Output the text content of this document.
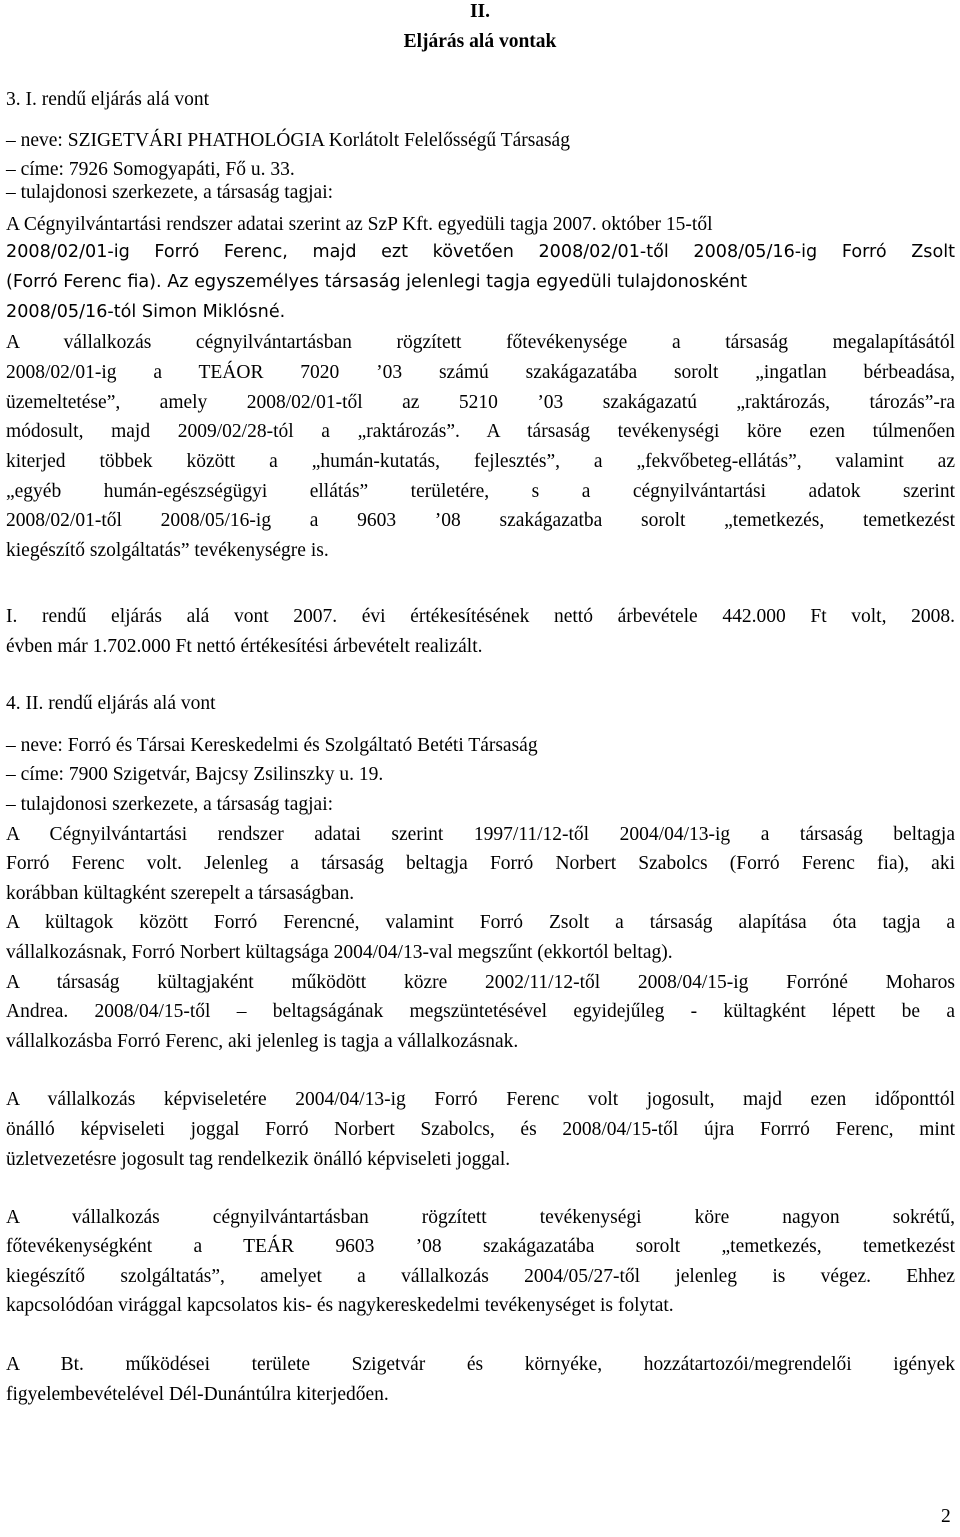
II.
Eljárás alá vontak
3. I. rendű eljárás alá vont
– neve: SZIGETVÁRI PHATHOLÓGIA Korlátolt Felelősségű Társaság
– címe: 7926 Somogyapáti, Fő u. 33.
– tulajdonosi szerkezete, a társaság tagjai:
A Cégnyilvántartási rendszer adatai szerint az SzP Kft. egyedüli tagja 2007. október 15-től
2008/02/01-ig Forró Ferenc, majd ezt követően 2008/02/01-től 2008/05/16-ig Forró Zsolt
(Forró Ferenc fia). Az egyszemélyes társaság jelenlegi tagja egyedüli tulajdonosként
2008/05/16-tól Simon Miklósné.
A vállalkozás cégnyilvántartásban rögzített főtevékenysége a társaság megalapításától
2008/02/01-ig a TEÁOR 7020 ’03 számú szakágazatába sorolt „ingatlan bérbeadása,
üzemeltetése”, amely 2008/02/01-től az 5210 ’03 szakágazatú „raktározás, tározás”-ra
módosult, majd 2009/02/28-tól a „raktározás”. A társaság tevékenységi köre ezen túlmenően
kiterjed többek között a „humán-kutatás, fejlesztés”, a „fekvőbeteg-ellátás”, valamint az
„egyéb humán-egészségügyi ellátás” területére, s a cégnyilvántartási adatok szerint
2008/02/01-től 2008/05/16-ig a 9603 ’08 szakágazatba sorolt „temetkezés, temetkezést
kiegészítő szolgáltatás” tevékenységre is.
I. rendű eljárás alá vont 2007. évi értékesítésének nettó árbevétele 442.000 Ft volt, 2008.
évben már 1.702.000 Ft nettó értékesítési árbevételt realizált.
4. II. rendű eljárás alá vont
– neve: Forró és Társai Kereskedelmi és Szolgáltató Betéti Társaság
– címe: 7900 Szigetvár, Bajcsy Zsilinszky u. 19.
– tulajdonosi szerkezete, a társaság tagjai:
A Cégnyilvántartási rendszer adatai szerint 1997/11/12-től 2004/04/13-ig a társaság beltagja
Forró Ferenc volt. Jelenleg a társaság beltagja Forró Norbert Szabolcs (Forró Ferenc fia), aki
korábban kültagként szerepelt a társaságban.
A kültagok között Forró Ferencné, valamint Forró Zsolt a társaság alapítása óta tagja a
vállalkozásnak, Forró Norbert kültagsága 2004/04/13-val megszűnt (ekkortól beltag).
A társaság kültagjaként működött közre 2002/11/12-től 2008/04/15-ig Forróné Moharos
Andrea. 2008/04/15-től – beltagságának megszüntetésével egyidejűleg - kültagként lépett be a
vállalkozásba Forró Ferenc, aki jelenleg is tagja a vállalkozásnak.
A vállalkozás képviseletére 2004/04/13-ig Forró Ferenc volt jogosult, majd ezen időponttól
önálló képviseleti joggal Forró Norbert Szabolcs, és 2008/04/15-től újra Forrró Ferenc, mint
üzletvezetésre jogosult tag rendelkezik önálló képviseleti joggal.
A vállalkozás cégnyilvántartásban rögzített tevékenységi köre nagyon sokrétű,
főtevékenységként a TEÁR 9603 ’08 szakágazatába sorolt „temetkezés, temetkezést
kiegészítő szolgáltatás”, amelyet a vállalkozás 2004/05/27-től jelenleg is végez. Ehhez
kapcsolódóan virággal kapcsolatos kis- és nagykereskedelmi tevékenységet is folytat.
A Bt. működései területe Szigetvár és környéke, hozzátartozói/megrendelői igények
figyelembevételével Dél-Dunántúlra kiterjedően.
2
